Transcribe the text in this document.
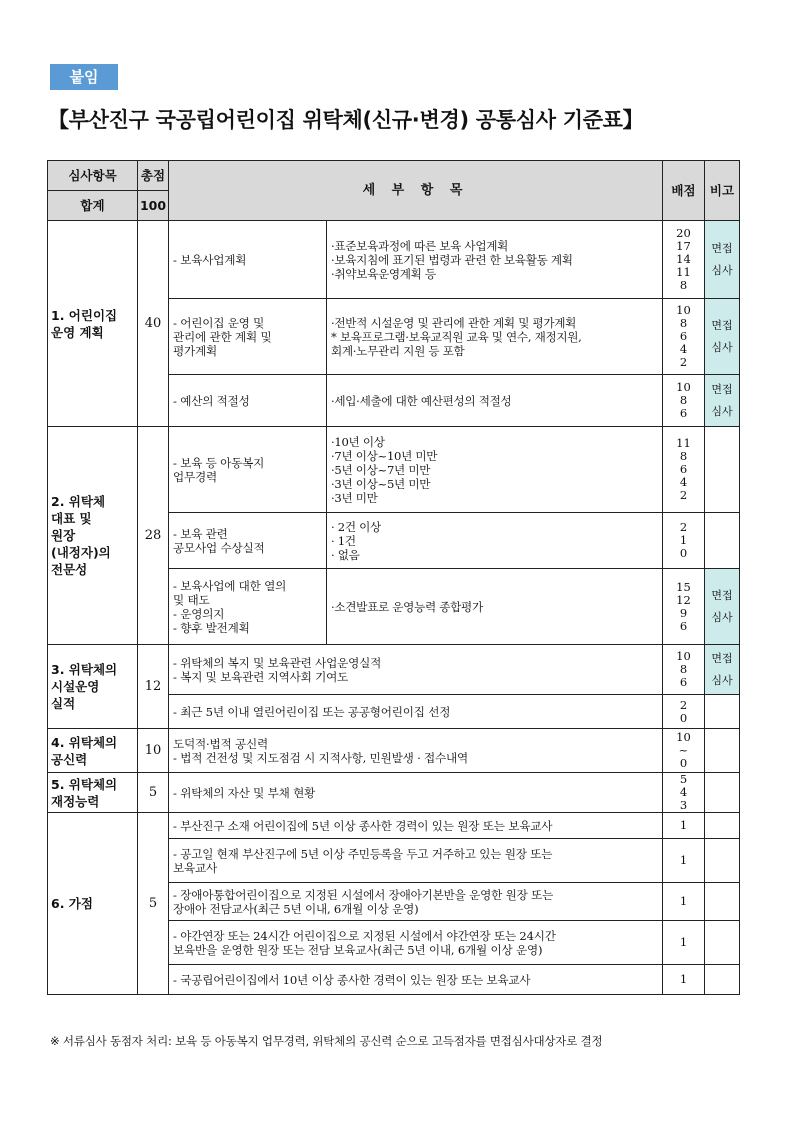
붙임
【부산진구 국공립어린이집 위탁체(신규·변경) 공통심사 기준표】
심사항목	총점	세 부 항 목		배점	비고
합계	100				

1. 어린이집
운영 계획	40	- 보육사업계획	·표준보육과정에 따른 보육 사업계획
·보육지침에 표기된 법령과 관련 한 보육활동 계획
·취약보육운영계획 등	20
17
14
11
8	면접
심사

		- 어린이집 운영 및
관리에 관한 계획 및
평가계획	·전반적 시설운영 및 관리에 관한 계획 및 평가계획
* 보육프로그램·보육교직원 교육 및 연수, 재정지원,
회계·노무관리 지원 등 포함	10
8
6
4
2	면접
심사

		- 예산의 적절성	·세입·세출에 대한 예산편성의 적절성	10
8
6	면접
심사

2. 위탁체
대표 및
원장
(내정자)의
전문성	28	- 보육 등 아동복지
업무경력	·10년 이상
·7년 이상~10년 미만
·5년 이상~7년 미만
·3년 이상~5년 미만
·3년 미만	11
8
6
4
2	

		- 보육 관련
공모사업 수상실적	· 2건 이상
· 1건
· 없음	2
1
0	

		- 보육사업에 대한 열의
및 태도
- 운영의지
- 향후 발전계획	·소견발표로 운영능력 종합평가	15
12
9
6	면접
심사

3. 위탁체의
시설운영
실적	12	- 위탁체의 복지 및 보육관련 사업운영실적
- 복지 및 보육관련 지역사회 기여도		10
8
6	면접
심사

		- 최근 5년 이내 열린어린이집 또는 공공형어린이집 선정		2
0	

4. 위탁체의
공신력	10	도덕적·법적 공신력
- 법적 건전성 및 지도점검 시 지적사항, 민원발생 · 접수내역		10
~
0	

5. 위탁체의
재정능력	5	- 위탁체의 자산 및 부채 현황		5
4
3	

6. 가점	5	- 부산진구 소재 어린이집에 5년 이상 종사한 경력이 있는 원장 또는 보육교사		1	

		- 공고일 현재 부산진구에 5년 이상 주민등록을 두고 거주하고 있는 원장 또는
보육교사		1	

		- 장애아통합어린이집으로 지정된 시설에서 장애아기본반을 운영한 원장 또는
장애아 전담교사(최근 5년 이내, 6개월 이상 운영)		1	

		- 야간연장 또는 24시간 어린이집으로 지정된 시설에서 야간연장 또는 24시간
보육반을 운영한 원장 또는 전담 보육교사(최근 5년 이내, 6개월 이상 운영)		1	

		- 국공립어린이집에서 10년 이상 종사한 경력이 있는 원장 또는 보육교사		1	

※ 서류심사 동점자 처리: 보육 등 아동복지 업무경력, 위탁체의 공신력 순으로 고득점자를 면접심사대상자로 결정
